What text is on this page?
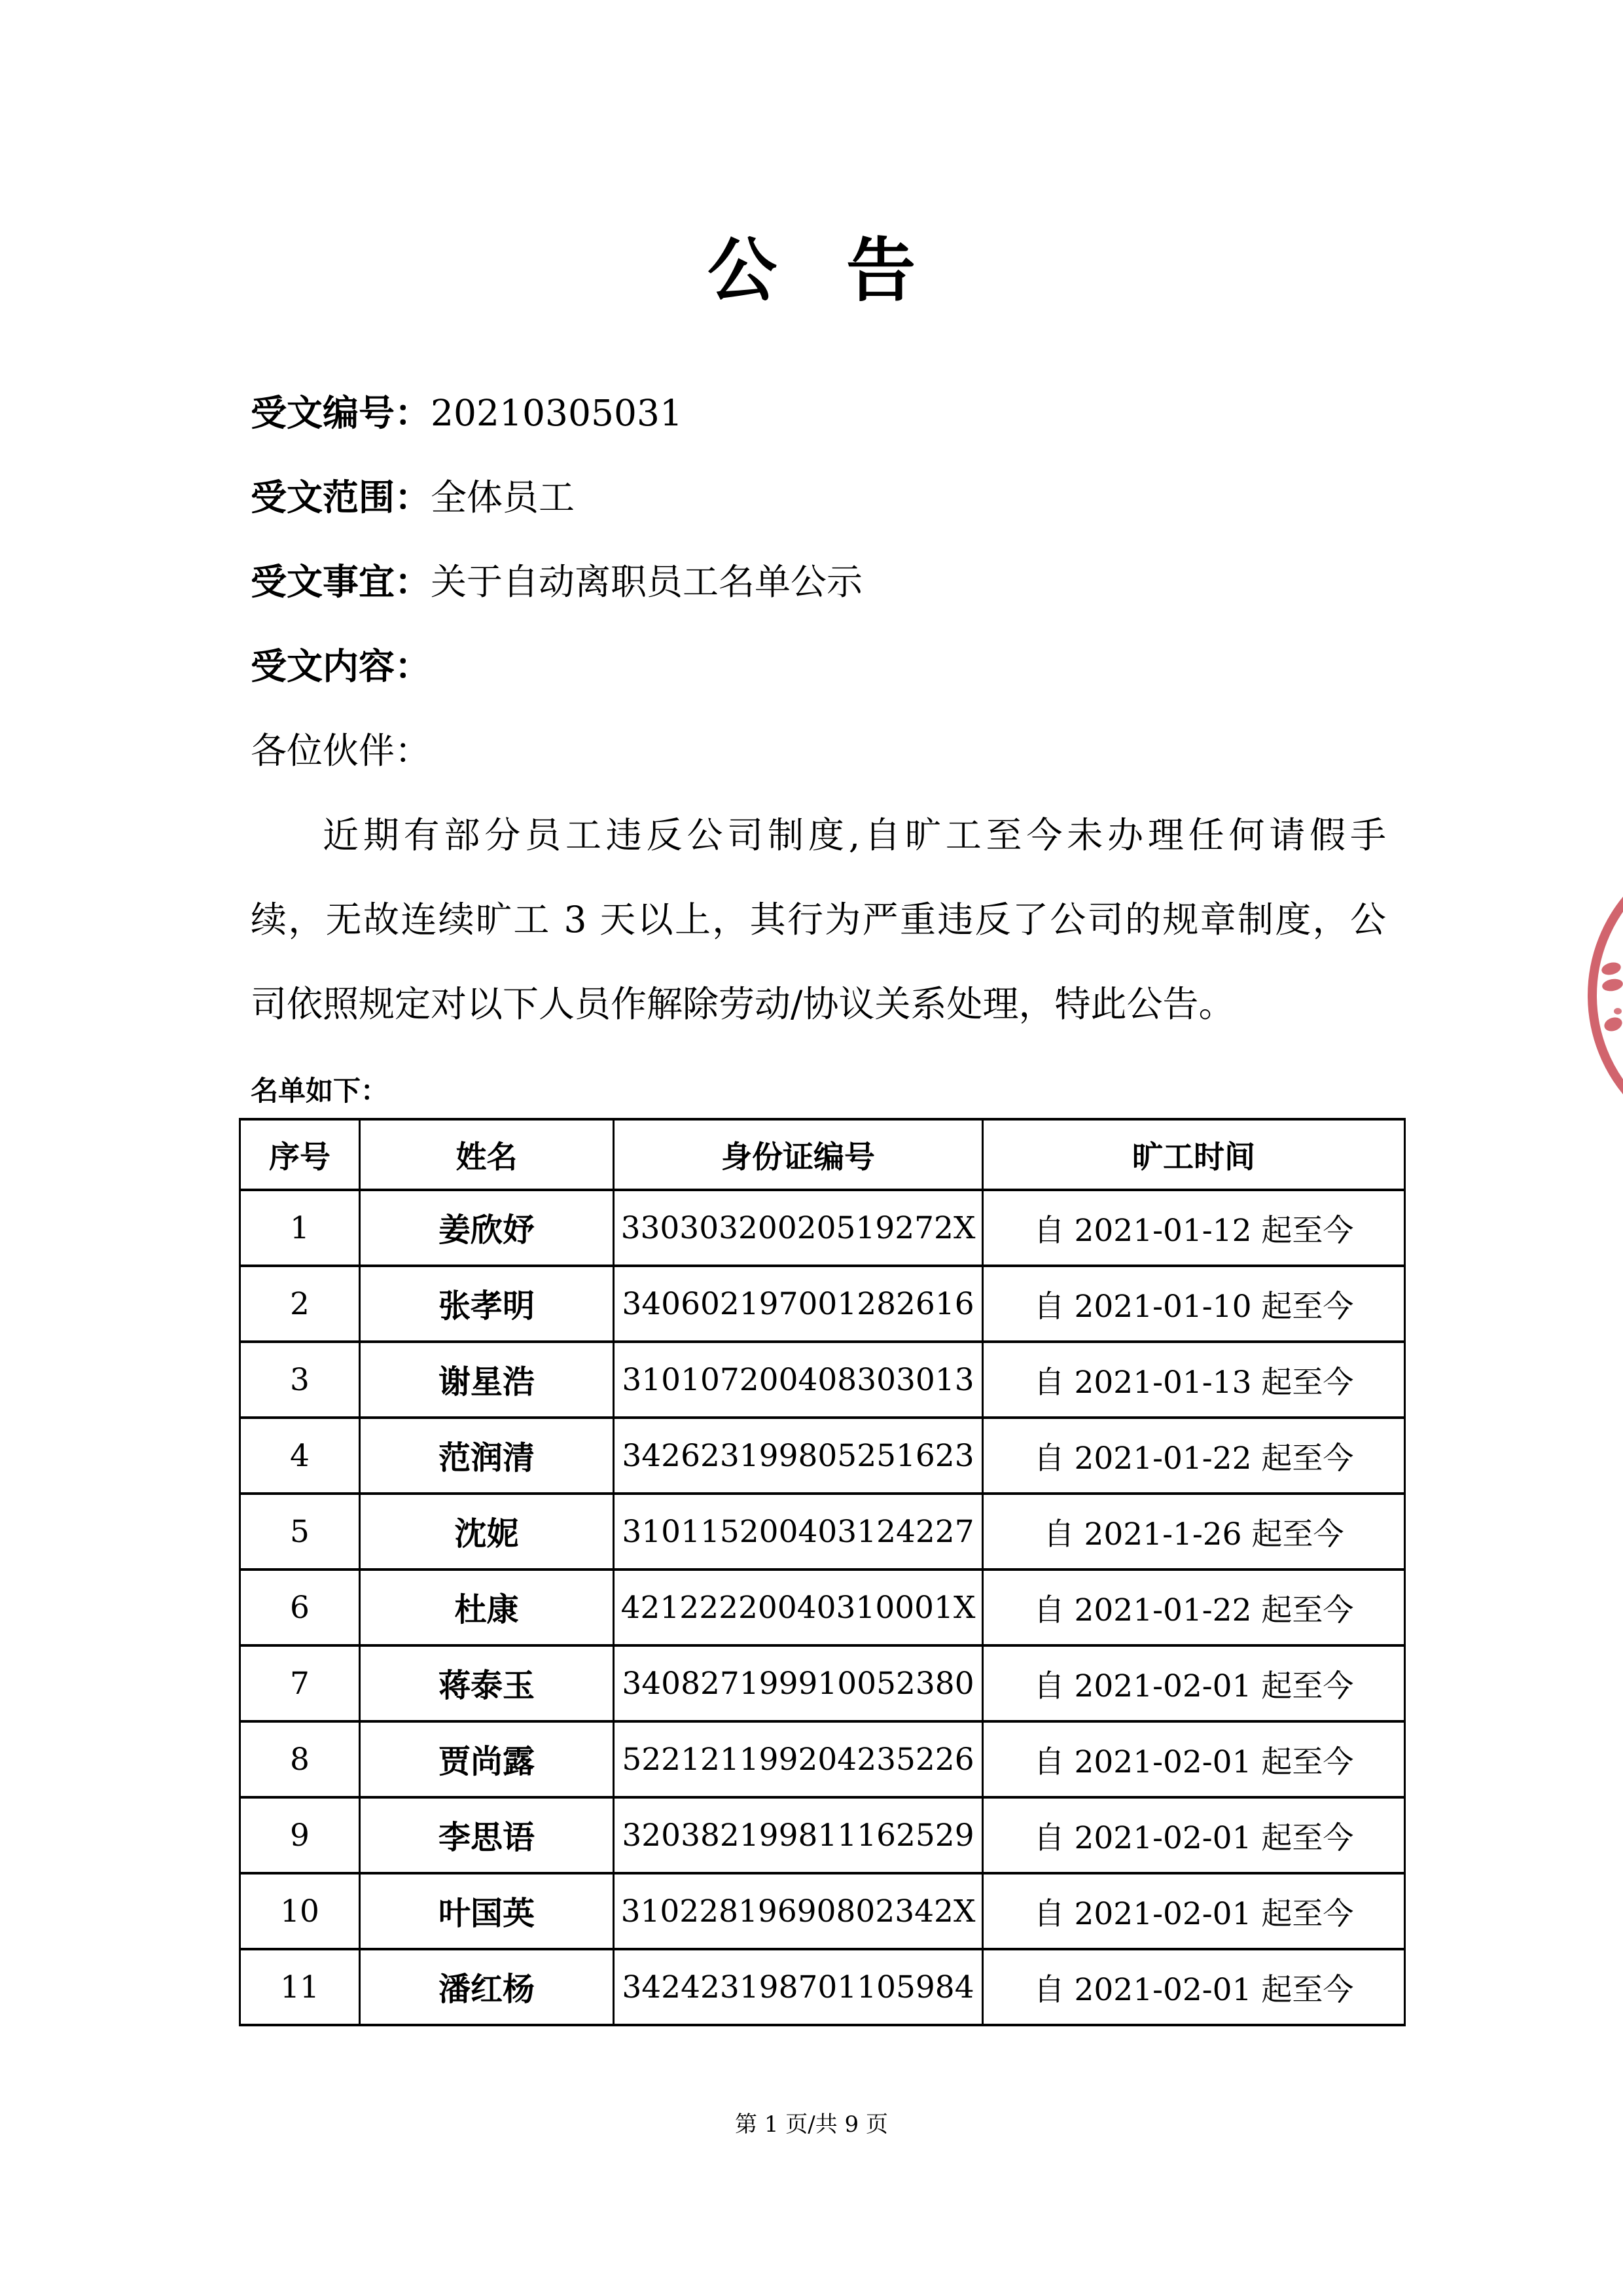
公　告
受文编号：20210305031
受文范围：全体员工
受文事宜：关于自动离职员工名单公示
受文内容：
各位伙伴：
近期有部分员工违反公司制度,自旷工至今未办理任何请假手
续，无故连续旷工 3 天以上，其行为严重违反了公司的规章制度，公
司依照规定对以下人员作解除劳动/协议关系处理，特此公告。
名单如下：
序号	姓名	身份证编号	旷工时间
1	姜欣妤	33030320020519272X	自 2021-01-12 起至今
2	张孝明	340602197001282616	自 2021-01-10 起至今
3	谢星浩	310107200408303013	自 2021-01-13 起至今
4	范润清	342623199805251623	自 2021-01-22 起至今
5	沈妮	310115200403124227	自 2021-1-26 起至今
6	杜康	42122220040310001X	自 2021-01-22 起至今
7	蒋泰玉	340827199910052380	自 2021-02-01 起至今
8	贾尚露	522121199204235226	自 2021-02-01 起至今
9	李思语	320382199811162529	自 2021-02-01 起至今
10	叶国英	31022819690802342X	自 2021-02-01 起至今
11	潘红杨	342423198701105984	自 2021-02-01 起至今
第 1 页/共 9 页
